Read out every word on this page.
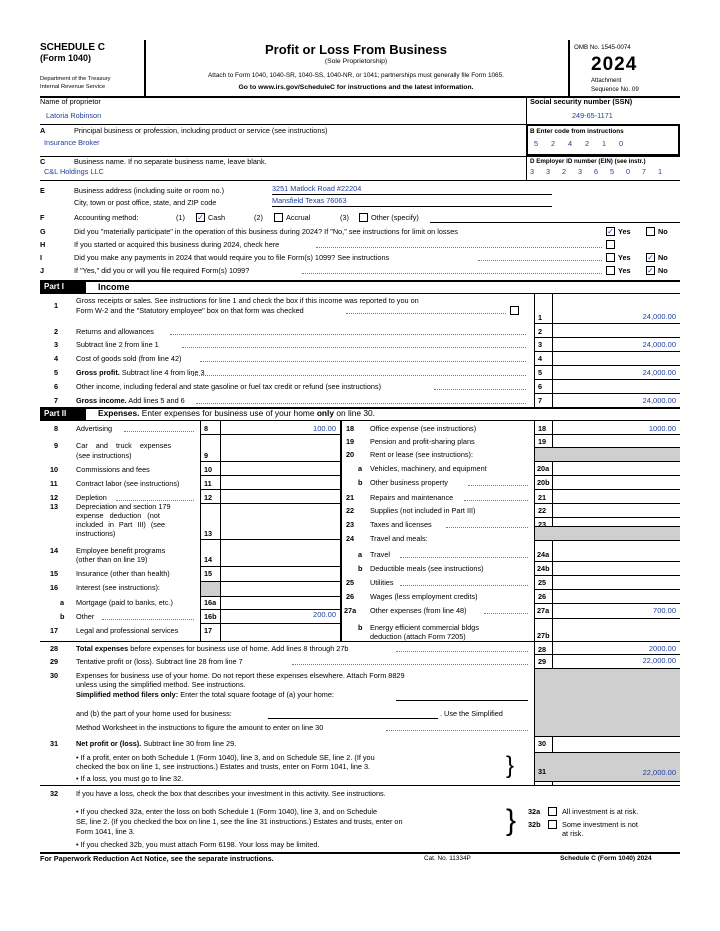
SCHEDULE C
(Form 1040)
Department of the Treasury
Internal Revenue Service
Profit or Loss From Business
(Sole Proprietorship)
Attach to Form 1040, 1040-SR, 1040-SS, 1040-NR, or 1041; partnerships must generally file Form 1065.
Go to www.irs.gov/ScheduleC for instructions and the latest information.
OMB No. 1545-0074
2024
Attachment
Sequence No. 09
Name of proprietor
Latoria Robinson
Social security number (SSN)
249-65-1171
A	Principal business or profession, including product or service (see instructions)
Insurance Broker
B Enter code from instructions
5 2 4 2 1 0
C	Business name. If no separate business name, leave blank.
C&L Holdings LLC
D Employer ID number (EIN) (see instr.)
3 3 2 3 6 5 0 7 1
E	Business address (including suite or room no.)	3251 Matlock Road #22204
City, town or post office, state, and ZIP code	Mansfield Texas 76063
F	Accounting method:	(1) ✓ Cash	(2)	Accrual	(3)	Other (specify)
G	Did you "materially participate" in the operation of this business during 2024? If "No," see instructions for limit on losses	✓ Yes	No
H	If you started or acquired this business during 2024, check here
I	Did you make any payments in 2024 that would require you to file Form(s) 1099? See instructions	Yes ✓ No
J	If "Yes," did you or will you file required Form(s) 1099?	Yes ✓ No
Part I	Income
1
Gross receipts or sales. See instructions for line 1 and check the box if this income was reported to you on
Form W-2 and the "Statutory employee" box on that form was checked
1	24,000.00
2 Returns and allowances	2
3 Subtract line 2 from line 1	3	24,000.00
4 Cost of goods sold (from line 42)	4
5 Gross profit. Subtract line 4 from line 3	5	24,000.00
6 Other income, including federal and state gasoline or fuel tax credit or refund (see instructions)	6
7 Gross income. Add lines 5 and 6	7	24,000.00
Part II	Expenses. Enter expenses for business use of your home only on line 30.
8 Advertising	8	100.00
9 Car and truck expenses
(see instructions)	9
10 Commissions and fees	10
11	Contract labor (see instructions)	11
12 Depletion	12
13 Depreciation and section 179
expense deduction (not
included in Part III) (see
instructions)	13
14 Employee benefit programs
(other than on line 19)	14
15 Insurance (other than health)	15
16 Interest (see instructions):
a Mortgage (paid to banks, etc.)	16a
b Other	16b	200.00
17 Legal and professional services	17
18 Office expense (see instructions)	18	1000.00
19 Pension and profit-sharing plans	19
20 Rent or lease (see instructions):
a Vehicles, machinery, and equipment	20a
b Other business property	20b
21 Repairs and maintenance	21
22 Supplies (not included in Part III)	22
23 Taxes and licenses	23
24 Travel and meals:
a Travel	24a
b Deductible meals (see instructions)	24b
25 Utilities	25
26 Wages (less employment credits)	26
27a Other expenses (from line 48)	27a	700.00
b Energy efficient commercial bldgs
deduction (attach Form 7205)	27b
28 Total expenses before expenses for business use of home. Add lines 8 through 27b	28	2000.00
29 Tentative profit or (loss). Subtract line 28 from line 7	29	22,000.00
30 Expenses for business use of your home. Do not report these expenses elsewhere. Attach Form 8829
unless using the simplified method. See instructions.
Simplified method filers only: Enter the total square footage of (a) your home:
and (b) the part of your home used for business:	. Use the Simplified
Method Worksheet in the instructions to figure the amount to enter on line 30
30
31 Net profit or (loss). Subtract line 30 from line 29.
• If a profit, enter on both Schedule 1 (Form 1040), line 3, and on Schedule SE, line 2. (If you
checked the box on line 1, see instructions.) Estates and trusts, enter on Form 1041, line 3.
• If a loss, you must go to line 32.	}	31	22,000.00
32 If you have a loss, check the box that describes your investment in this activity. See instructions.
• If you checked 32a, enter the loss on both Schedule 1 (Form 1040), line 3, and on Schedule
SE, line 2. (If you checked the box on line 1, see the line 31 instructions.) Estates and trusts, enter on
Form 1041, line 3.
• If you checked 32b, you must attach Form 6198. Your loss may be limited.
} 32a	All investment is at risk.
32b	Some investment is not
at risk.
For Paperwork Reduction Act Notice, see the separate instructions.	Cat. No. 11334P	Schedule C (Form 1040) 2024
